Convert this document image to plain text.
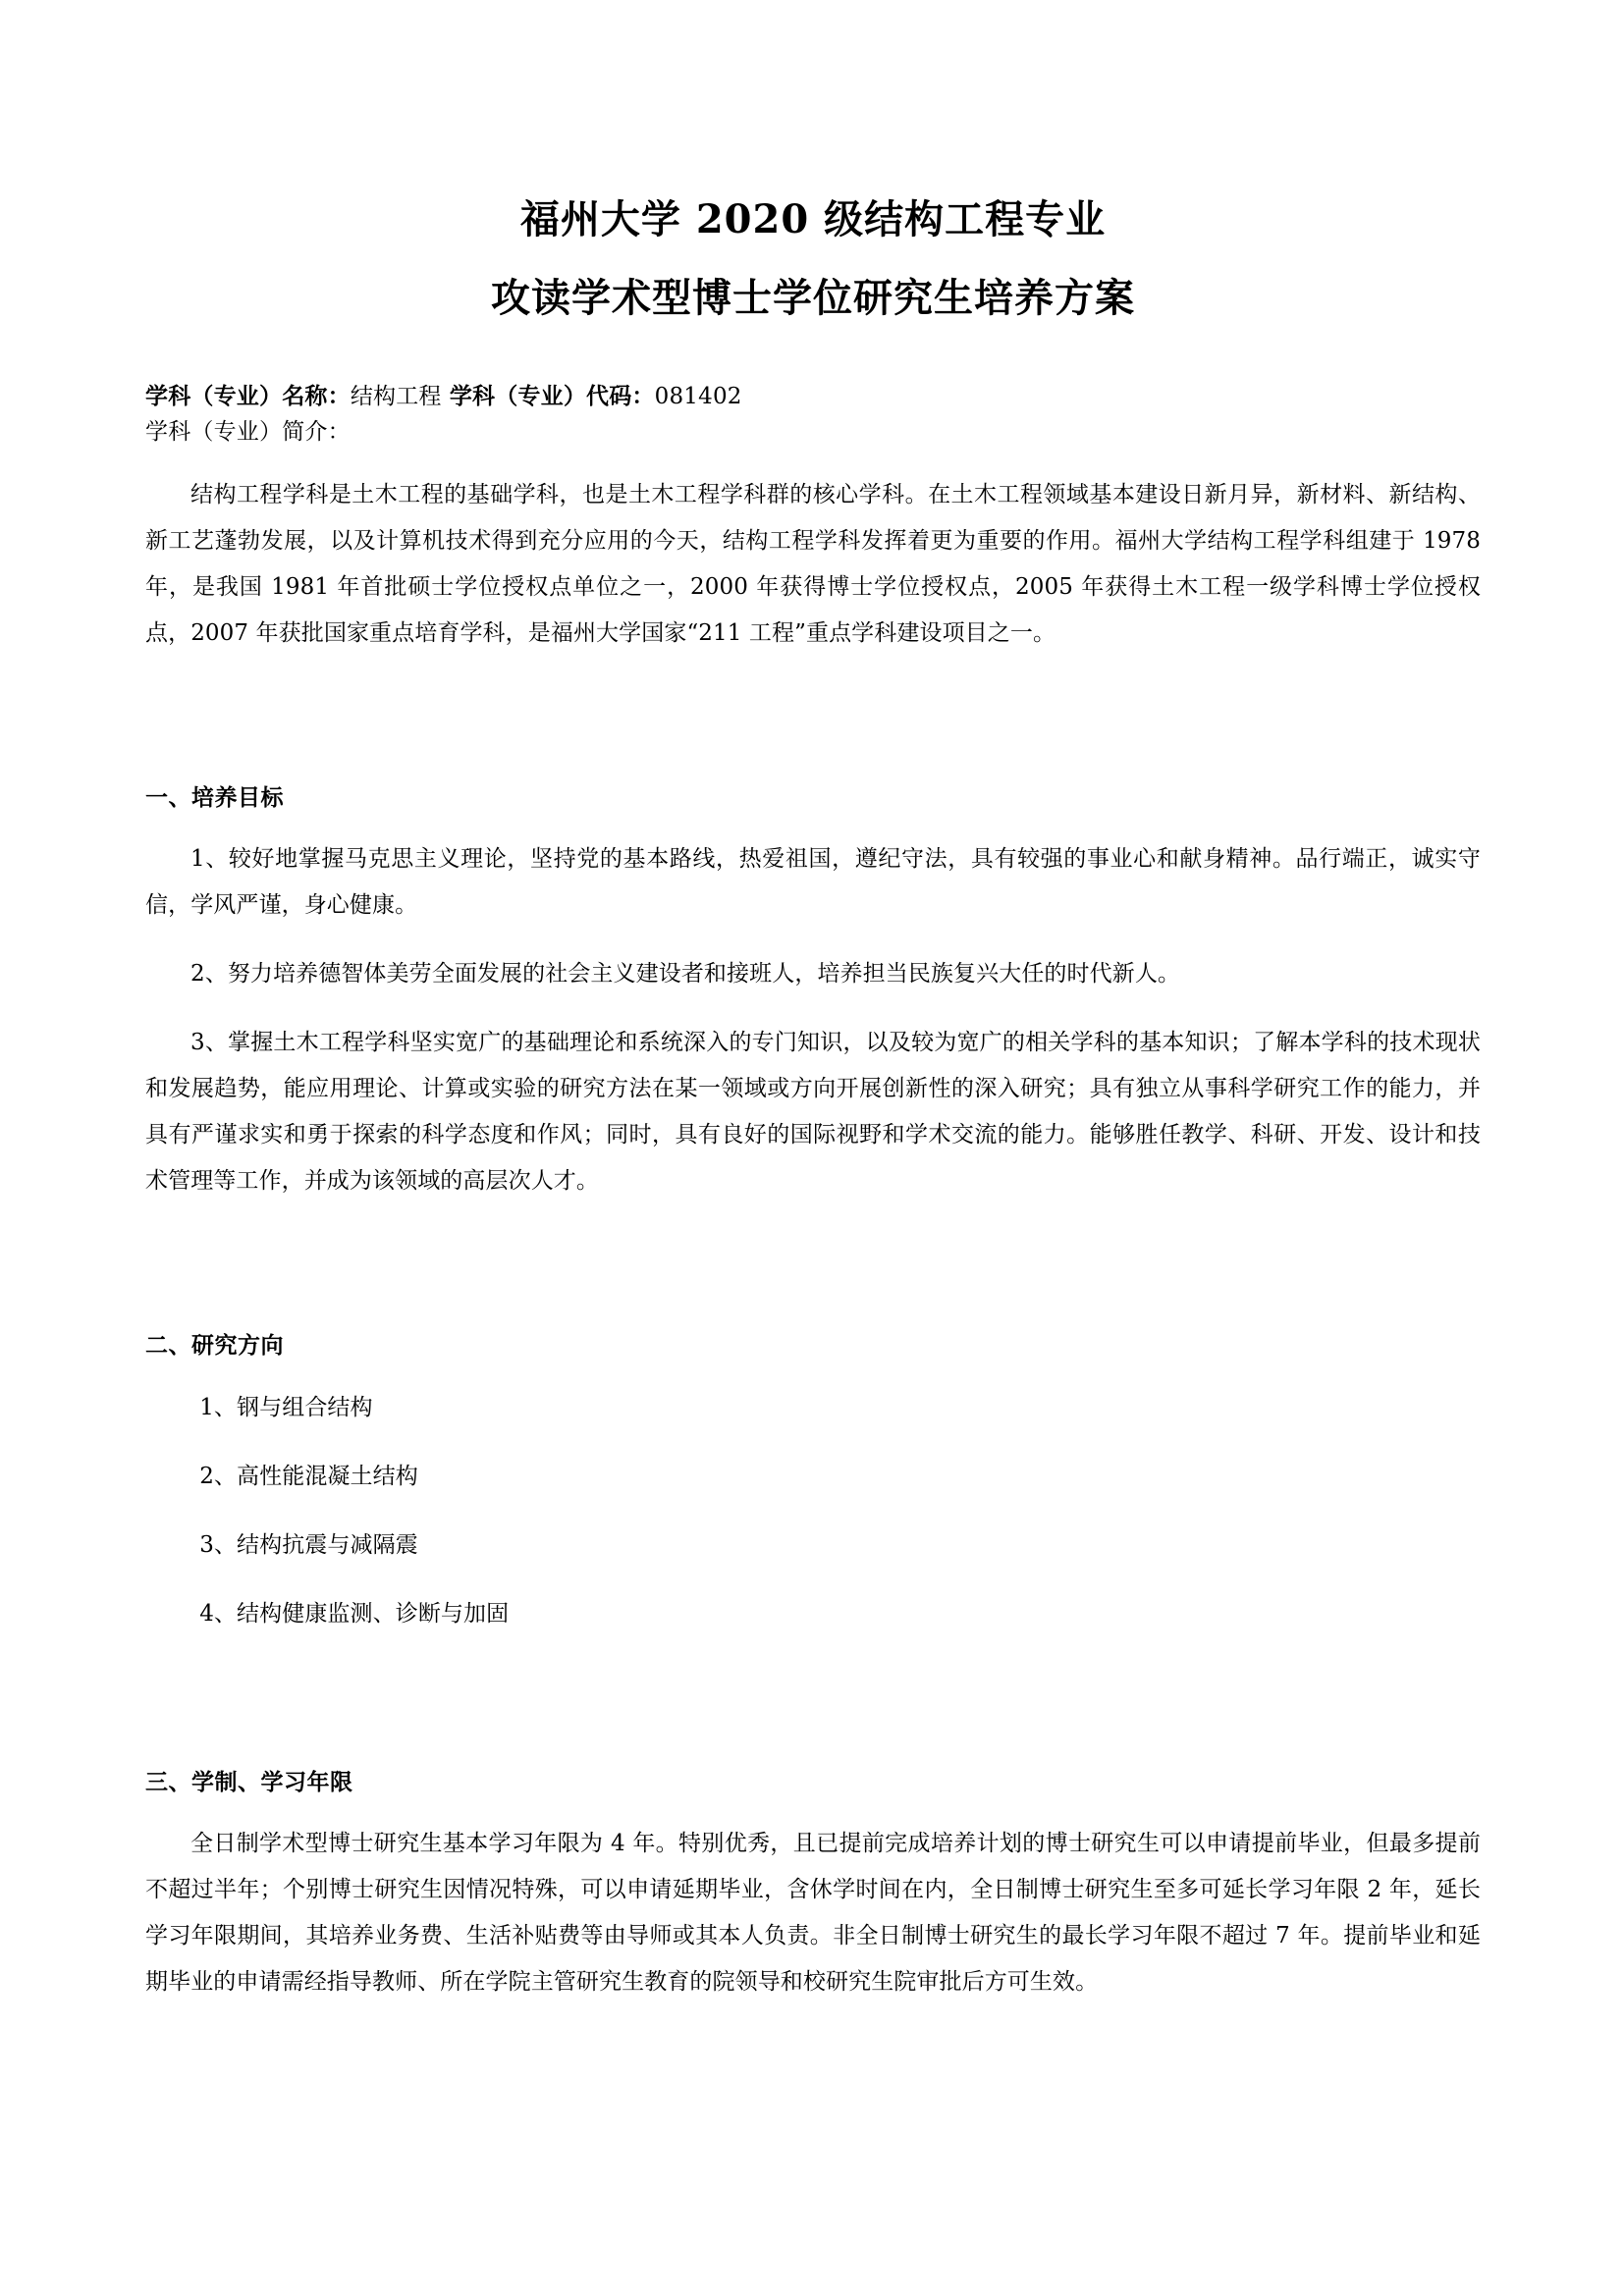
福州大学 2020 级结构工程专业
攻读学术型博士学位研究生培养方案
学科（专业）名称：结构工程 学科（专业）代码：081402
学科（专业）简介：

结构工程学科是土木工程的基础学科，也是土木工程学科群的核心学科。在土木工程领域基本建设日新月异，新材料、新结构、新工艺蓬勃发展，以及计算机技术得到充分应用的今天，结构工程学科发挥着更为重要的作用。福州大学结构工程学科组建于 1978 年，是我国 1981 年首批硕士学位授权点单位之一，2000 年获得博士学位授权点，2005 年获得土木工程一级学科博士学位授权点，2007 年获批国家重点培育学科，是福州大学国家“211 工程”重点学科建设项目之一。

一、培养目标

1、较好地掌握马克思主义理论，坚持党的基本路线，热爱祖国，遵纪守法，具有较强的事业心和献身精神。品行端正，诚实守信，学风严谨，身心健康。

2、努力培养德智体美劳全面发展的社会主义建设者和接班人，培养担当民族复兴大任的时代新人。

3、掌握土木工程学科坚实宽广的基础理论和系统深入的专门知识，以及较为宽广的相关学科的基本知识；了解本学科的技术现状和发展趋势，能应用理论、计算或实验的研究方法在某一领域或方向开展创新性的深入研究；具有独立从事科学研究工作的能力，并具有严谨求实和勇于探索的科学态度和作风；同时，具有良好的国际视野和学术交流的能力。能够胜任教学、科研、开发、设计和技术管理等工作，并成为该领域的高层次人才。

二、研究方向

1、钢与组合结构

2、高性能混凝土结构

3、结构抗震与减隔震

4、结构健康监测、诊断与加固

三、学制、学习年限

全日制学术型博士研究生基本学习年限为 4 年。特别优秀，且已提前完成培养计划的博士研究生可以申请提前毕业，但最多提前不超过半年；个别博士研究生因情况特殊，可以申请延期毕业，含休学时间在内，全日制博士研究生至多可延长学习年限 2 年，延长学习年限期间，其培养业务费、生活补贴费等由导师或其本人负责。非全日制博士研究生的最长学习年限不超过 7 年。提前毕业和延期毕业的申请需经指导教师、所在学院主管研究生教育的院领导和校研究生院审批后方可生效。
